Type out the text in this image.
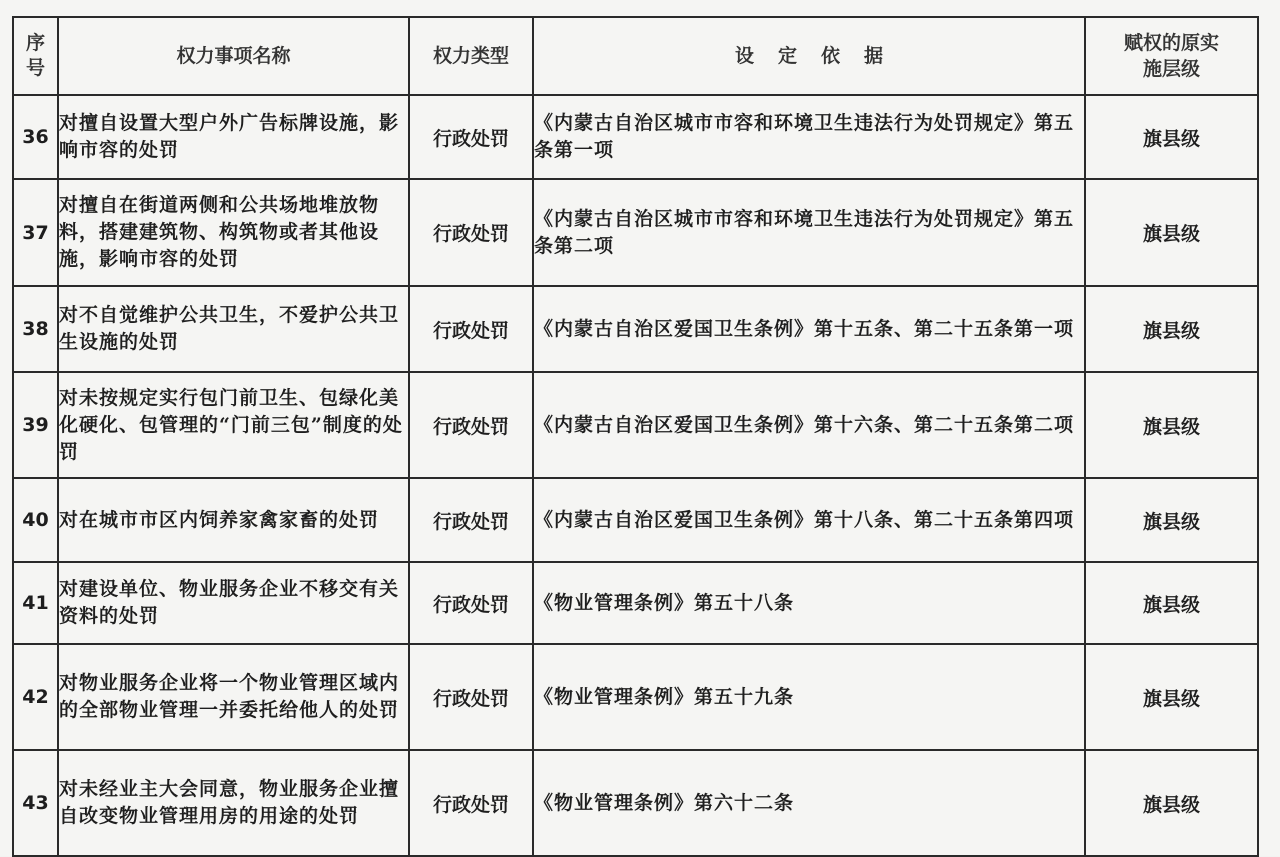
序号	权力事项名称	权力类型	设定依据	赋权的原实施层级

36	对擅自设置大型户外广告标牌设施，影响市容的处罚	行政处罚	《内蒙古自治区城市市容和环境卫生违法行为处罚规定》第五条第一项	旗县级
37	对擅自在街道两侧和公共场地堆放物料，搭建建筑物、构筑物或者其他设施，影响市容的处罚	行政处罚	《内蒙古自治区城市市容和环境卫生违法行为处罚规定》第五条第二项	旗县级
38	对不自觉维护公共卫生，不爱护公共卫生设施的处罚	行政处罚	《内蒙古自治区爱国卫生条例》第十五条、第二十五条第一项	旗县级
39	对未按规定实行包门前卫生、包绿化美化硬化、包管理的“门前三包”制度的处罚	行政处罚	《内蒙古自治区爱国卫生条例》第十六条、第二十五条第二项	旗县级
40	对在城市市区内饲养家禽家畜的处罚	行政处罚	《内蒙古自治区爱国卫生条例》第十八条、第二十五条第四项	旗县级
41	对建设单位、物业服务企业不移交有关资料的处罚	行政处罚	《物业管理条例》第五十八条	旗县级
42	对物业服务企业将一个物业管理区域内的全部物业管理一并委托给他人的处罚	行政处罚	《物业管理条例》第五十九条	旗县级
43	对未经业主大会同意，物业服务企业擅自改变物业管理用房的用途的处罚	行政处罚	《物业管理条例》第六十二条	旗县级
